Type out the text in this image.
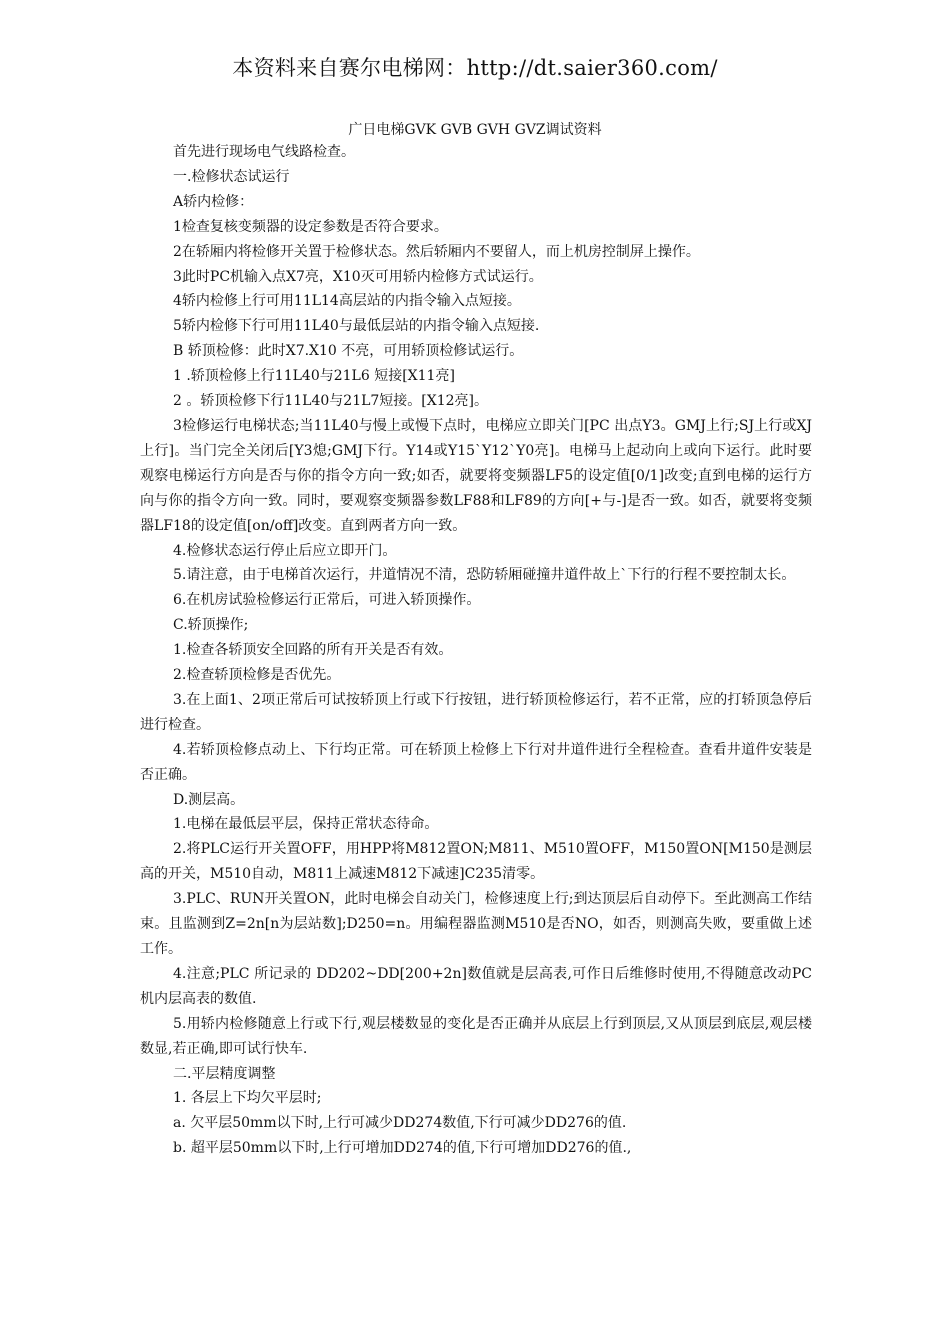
本资料来自赛尔电梯网：http://dt.saier360.com/
广日电梯GVK GVB GVH GVZ调试资料

首先进行现场电气线路检查。

一.检修状态试运行

A轿内检修：

1检查复核变频器的设定参数是否符合要求。

2在轿厢内将检修开关置于检修状态。然后轿厢内不要留人，而上机房控制屏上操作。

3此时PC机输入点X7亮，X10灭可用轿内检修方式试运行。

4轿内检修上行可用11L14高层站的内指令输入点短接。

5轿内检修下行可用11L40与最低层站的内指令输入点短接.

B 轿顶检修：此时X7.X10 不亮，可用轿顶检修试运行。

1 .轿顶检修上行11L40与21L6 短接[X11亮]

2 。轿顶检修下行11L40与21L7短接。[X12亮]。

3检修运行电梯状态;当11L40与慢上或慢下点时，电梯应立即关门[PC 出点Y3。GMJ上行;SJ上行或XJ上行]。当门完全关闭后[Y3熄;GMJ下行。Y14或Y15`Y12`Y0亮]。电梯马上起动向上或向下运行。此时要观察电梯运行方向是否与你的指令方向一致;如否，就要将变频器LF5的设定值[0/1]改变;直到电梯的运行方向与你的指令方向一致。同时，要观察变频器参数LF88和LF89的方向[+与-]是否一致。如否，就要将变频器LF18的设定值[on/off]改变。直到两者方向一致。

4.检修状态运行停止后应立即开门。

5.请注意，由于电梯首次运行，井道情况不清，恐防轿厢碰撞井道件故上`下行的行程不要控制太长。

6.在机房试验检修运行正常后，可进入轿顶操作。

C.轿顶操作;

1.检查各轿顶安全回路的所有开关是否有效。

2.检查轿顶检修是否优先。

3.在上面1、2项正常后可试按轿顶上行或下行按钮，进行轿顶检修运行，若不正常，应的打轿顶急停后进行检查。

4.若轿顶检修点动上、下行均正常。可在轿顶上检修上下行对井道件进行全程检查。查看井道件安装是否正确。

D.测层高。

1.电梯在最低层平层，保持正常状态待命。

2.将PLC运行开关置OFF，用HPP将M812置ON;M811、M510置OFF，M150置ON[M150是测层高的开关，M510自动，M811上减速M812下减速]C235清零。

3.PLC、RUN开关置ON，此时电梯会自动关门，检修速度上行;到达顶层后自动停下。至此测高工作结束。且监测到Z=2n[n为层站数];D250=n。用编程器监测M510是否NO，如否，则测高失败，要重做上述工作。

4.注意;PLC 所记录的 DD202~DD[200+2n]数值就是层高表,可作日后维修时使用,不得随意改动PC机内层高表的数值.

5.用轿内检修随意上行或下行,观层楼数显的变化是否正确并从底层上行到顶层,又从顶层到底层,观层楼数显,若正确,即可试行快车.

二.平层精度调整

1. 各层上下均欠平层时;

a. 欠平层50mm以下时,上行可减少DD274数值,下行可减少DD276的值.

b. 超平层50mm以下时,上行可增加DD274的值,下行可增加DD276的值.,
